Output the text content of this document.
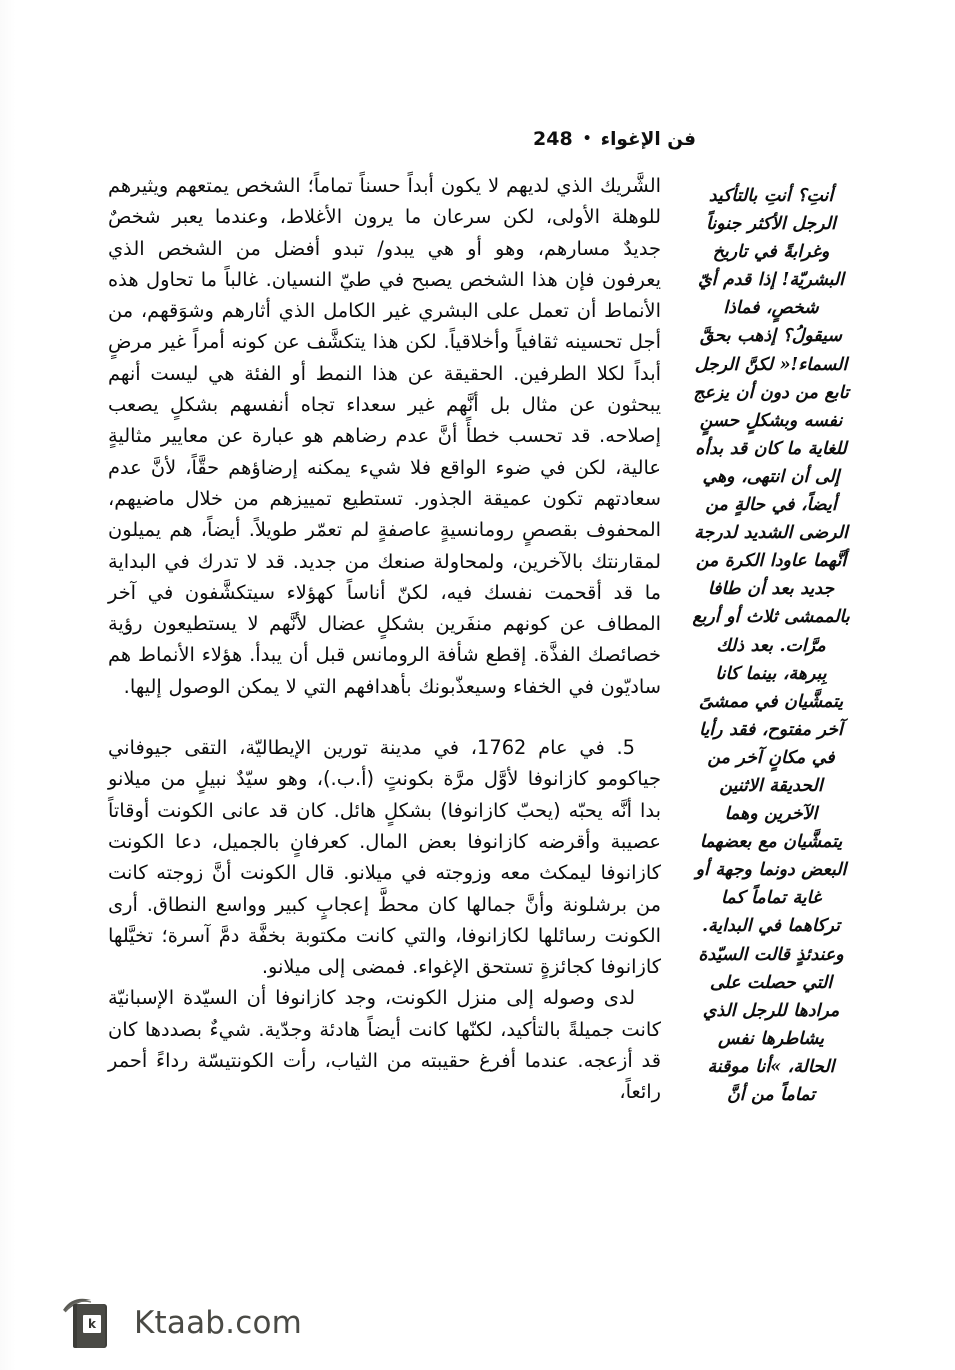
فن الإغواء•248

الشَّريك الذي لديهم لا يكون أبداً حسناً تماماً؛ الشخص يمتعهم ويثيرهم للوهلة الأولى، لكن سرعان ما يرون الأغلاط، وعندما يعبر شخصٌ جديدٌ مسارهم، وهو أو هي يبدو/ تبدو أفضل من الشخص الذي يعرفون فإن هذا الشخص يصبح في طيّ النسيان. غالباً ما تحاول هذه الأنماط أن تعمل على البشري غير الكامل الذي أثارهم وشوَقهم، من أجل تحسينه ثقافياً وأخلاقياً. لكن هذا يتكشَّف عن كونه أمراً غير مرضٍ أبداً لكلا الطرفين. الحقيقة عن هذا النمط أو الفئة هي ليست أنهم يبحثون عن مثال بل أنَّهم غير سعداء تجاه أنفسهم بشكلٍ يصعب إصلاحه. قد تحسب خطأً أنَّ عدم رضاهم هو عبارة عن معايير مثاليةٍ عالية، لكن في ضوء الواقع فلا شيء يمكنه إرضاؤهم حقَّاً، لأنَّ عدم سعادتهم تكون عميقة الجذور. تستطيع تمييزهم من خلال ماضيهم، المحفوف بقصصٍ رومانسيةٍ عاصفةٍ لم تعمّر طويلاً. أيضاً، هم يميلون لمقارنتك بالآخرين، ولمحاولة صنعك من جديد. قد لا تدرك في البداية ما قد أقحمت نفسك فيه، لكنّ أناساً كهؤلاء سيتكشَّفون في آخر المطاف عن كونهم منفَرين بشكلٍ عضال لأنَّهم لا يستطيعون رؤية خصائصك الفذَّة. إقطع شأفة الرومانس قبل أن يبدأ. هؤلاء الأنماط هم ساديّون في الخفاء وسيعذّبونك بأهدافهم التي لا يمكن الوصول إليها.

5. في عام 1762، في مدينة تورين الإيطاليّة، التقى جيوفاني جياكومو كازانوفا لأوَّل مرَّة بكونتٍ (أ.ب.)، وهو سيّدٌ نبيلٍ من ميلانو بدا أنَّه يحبّه (يحبّ كازانوفا) بشكلٍ هائل. كان قد عانى الكونت أوقاتاً عصيبة وأقرضه كازانوفا بعض المال. كعرفانٍ بالجميل، دعا الكونت كازانوفا ليمكث معه وزوجته في ميلانو. قال الكونت أنَّ زوجته كانت من برشلونة وأنَّ جمالها كان محطَّ إعجابٍ كبير وواسع النطاق. أرى الكونت رسائلها لكازانوفا، والتي كانت مكتوبة بخفَّة دمَّ آسرة؛ تخيَّلها كازانوفا كجائزةٍ تستحق الإغواء. فمضى إلى ميلانو.

لدى وصوله إلى منزل الكونت، وجد كازانوفا أن السيّدة الإسبانيّة كانت جميلةً بالتأكيد، لكنّها كانت أيضاً هادئة وجدّية. شيءٌ بصددها كان قد أزعجه. عندما أفرغ حقيبته من الثياب، رأت الكونتيسّة رداءً أحمر رائعاً،

أنتِ؟ أنتِ بالتأكيد الرجل الأكثر جنوناً وغرابةً في تاريخ البشريّة! إذا قدم أيّ شخصٍ، فماذا سيقولُ؟ إذهب بحقَّ السماء!« لكنَّ الرجل تابع من دون أن يزعج نفسه وبشكلٍ حسنٍ للغاية ما كان قد بدأه إلى أن انتهى، وهي أيضاً، في حالةٍ من الرضى الشديد لدرجة أنَّهما عاودا الكرة من جديد بعد أن طافا بالممشى ثلاث أو أربع مرَّات. بعد ذلك بِبرهة، بينما كانا يتمشَّيان في ممشىً آخر مفتوح، فقد رأيا في مكانٍ آخر من الحديقة الاثنين الآخرين وهما يتمشَّيان مع بعضهما البعض دونما وجهة أو غاية تماماً كما تركاهما في البداية. وعندئذٍ قالت السيّدة التي حصلت على مرادها للرجل الذي يشاطرها نفس الحالة، »أنا موقنة تماماً من أنَّ

k Ktaab.com
